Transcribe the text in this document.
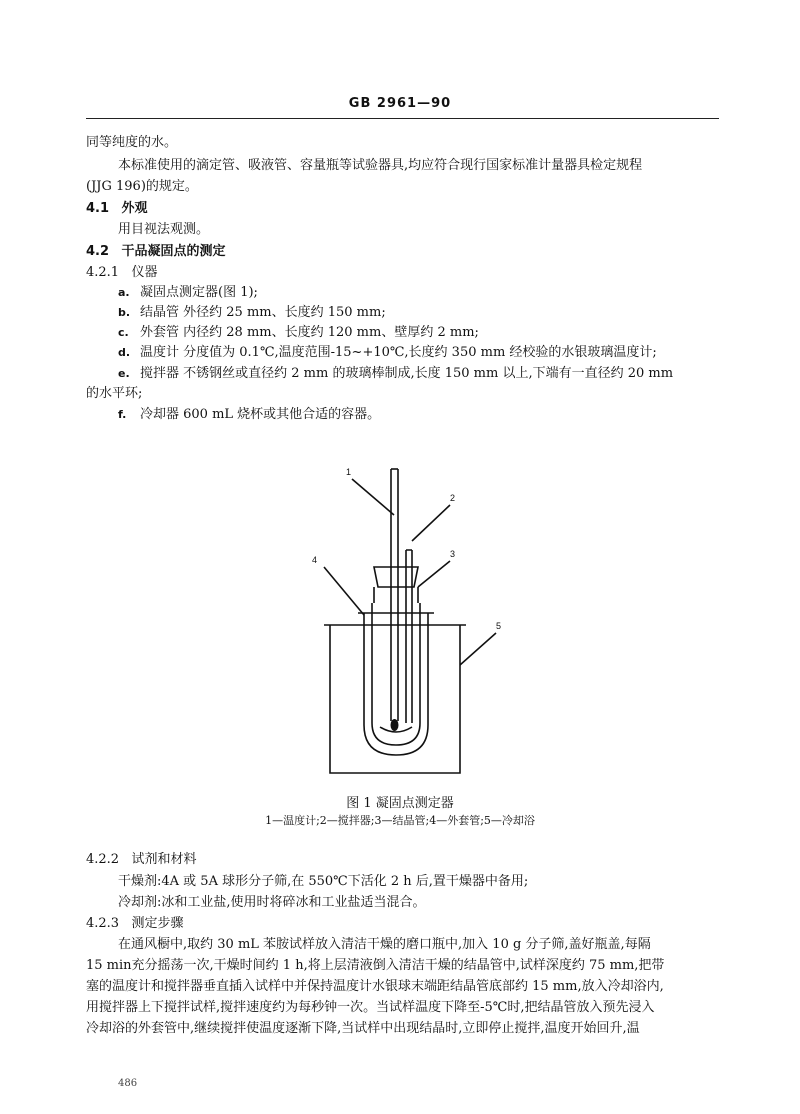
GB 2961—90
同等纯度的水。
本标准使用的滴定管、吸液管、容量瓶等试验器具,均应符合现行国家标准计量器具检定规程
(JJG 196)的规定。
4.1 外观
用目视法观测。
4.2 干品凝固点的测定
4.2.1 仪器
a. 凝固点测定器(图 1);
b. 结晶管 外径约 25 mm、长度约 150 mm;
c. 外套管 内径约 28 mm、长度约 120 mm、壁厚约 2 mm;
d. 温度计 分度值为 0.1℃,温度范围-15~+10℃,长度约 350 mm 经校验的水银玻璃温度计;
e. 搅拌器 不锈钢丝或直径约 2 mm 的玻璃棒制成,长度 150 mm 以上,下端有一直径约 20 mm
的水平环;
f. 冷却器 600 mL 烧杯或其他合适的容器。
1
2
3
4
5
图 1 凝固点测定器
1—温度计;2—搅拌器;3—结晶管;4—外套管;5—冷却浴
4.2.2 试剂和材料
干燥剂:4A 或 5A 球形分子筛,在 550℃下活化 2 h 后,置干燥器中备用;
冷却剂:冰和工业盐,使用时将碎冰和工业盐适当混合。
4.2.3 测定步骤
在通风橱中,取约 30 mL 苯胺试样放入清洁干燥的磨口瓶中,加入 10 g 分子筛,盖好瓶盖,每隔
15 min充分摇荡一次,干燥时间约 1 h,将上层清液倒入清洁干燥的结晶管中,试样深度约 75 mm,把带
塞的温度计和搅拌器垂直插入试样中并保持温度计水银球末端距结晶管底部约 15 mm,放入冷却浴内,
用搅拌器上下搅拌试样,搅拌速度约为每秒钟一次。当试样温度下降至-5℃时,把结晶管放入预先浸入
冷却浴的外套管中,继续搅拌使温度逐渐下降,当试样中出现结晶时,立即停止搅拌,温度开始回升,温
486
